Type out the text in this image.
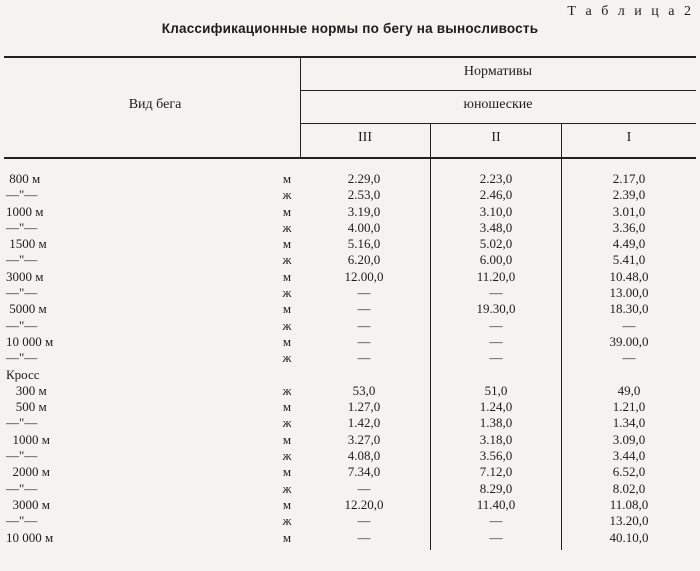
Т а б л и ц а 2
Классификационные нормы по бегу на выносливость
Вид бега
Нормативы
юношеские
III	II	I
800 м	м	2.29,0	2.23,0	2.17,0
—"—	ж	2.53,0	2.46,0	2.39,0
1000 м	м	3.19,0	3.10,0	3.01,0
—"—	ж	4.00,0	3.48,0	3.36,0
1500 м	м	5.16,0	5.02,0	4.49,0
—"—	ж	6.20,0	6.00,0	5.41,0
3000 м	м	12.00,0	11.20,0	10.48,0
—"—	ж	—	—	13.00,0
5000 м	м	—	19.30,0	18.30,0
—"—	ж	—	—	—
10 000 м	м	—	—	39.00,0
—"—	ж	—	—	—
Кросс
300 м	ж	53,0	51,0	49,0
500 м	м	1.27,0	1.24,0	1.21,0
—"—	ж	1.42,0	1.38,0	1.34,0
1000 м	м	3.27,0	3.18,0	3.09,0
—"—	ж	4.08,0	3.56,0	3.44,0
2000 м	м	7.34,0	7.12,0	6.52,0
—"—	ж	—	8.29,0	8.02,0
3000 м	м	12.20,0	11.40,0	11.08,0
—"—	ж	—	—	13.20,0
10 000 м	м	—	—	40.10,0
